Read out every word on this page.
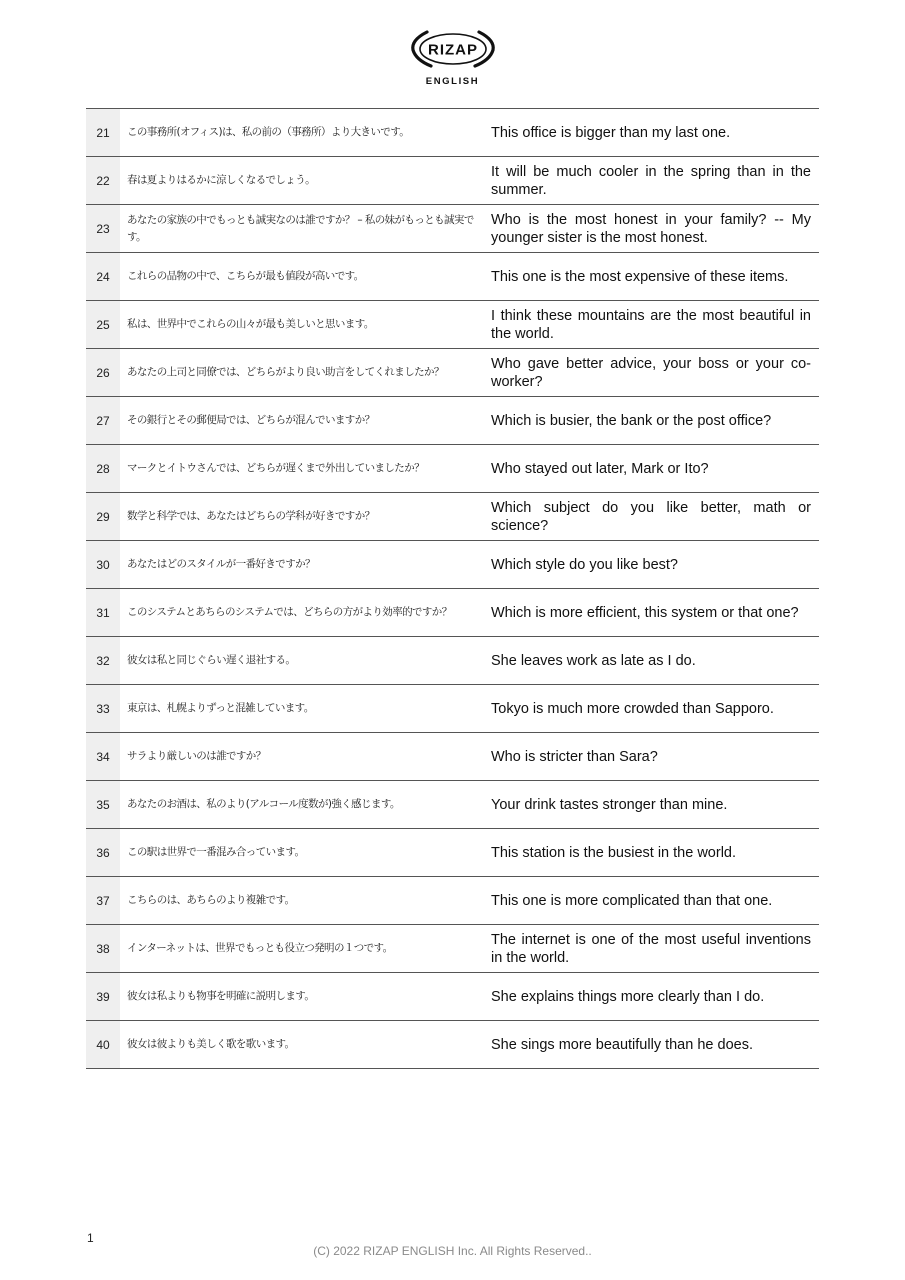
RIZAP
ENGLISH
21	この事務所(オフィス)は、私の前の（事務所）より大きいです。	This office is bigger than my last one.
22	春は夏よりはるかに涼しくなるでしょう。	It will be much cooler in the spring than in the summer.
23	あなたの家族の中でもっとも誠実なのは誰ですか？ – 私の妹がもっとも誠実です。	Who is the most honest in your family? -- My younger sister is the most honest.
24	これらの品物の中で、こちらが最も値段が高いです。	This one is the most expensive of these items.
25	私は、世界中でこれらの山々が最も美しいと思います。	I think these mountains are the most beautiful in the world.
26	あなたの上司と同僚では、どちらがより良い助言をしてくれましたか？	Who gave better advice, your boss or your co-worker?
27	その銀行とその郵便局では、どちらが混んでいますか？	Which is busier, the bank or the post office?
28	マークとイトウさんでは、どちらが遅くまで外出していましたか？	Who stayed out later, Mark or Ito?
29	数学と科学では、あなたはどちらの学科が好きですか？	Which subject do you like better, math or science?
30	あなたはどのスタイルが一番好きですか？	Which style do you like best?
31	このシステムとあちらのシステムでは、どちらの方がより効率的ですか？	Which is more efficient, this system or that one?
32	彼女は私と同じぐらい遅く退社する。	She leaves work as late as I do.
33	東京は、札幌よりずっと混雑しています。	Tokyo is much more crowded than Sapporo.
34	サラより厳しいのは誰ですか？	Who is stricter than Sara?
35	あなたのお酒は、私のより(アルコール度数が)強く感じます。	Your drink tastes stronger than mine.
36	この駅は世界で一番混み合っています。	This station is the busiest in the world.
37	こちらのは、あちらのより複雑です。	This one is more complicated than that one.
38	インターネットは、世界でもっとも役立つ発明の１つです。	The internet is one of the most useful inventions in the world.
39	彼女は私よりも物事を明確に説明します。	She explains things more clearly than I do.
40	彼女は彼よりも美しく歌を歌います。	She sings more beautifully than he does.
1
(C) 2022 RIZAP ENGLISH Inc. All Rights Reserved..
